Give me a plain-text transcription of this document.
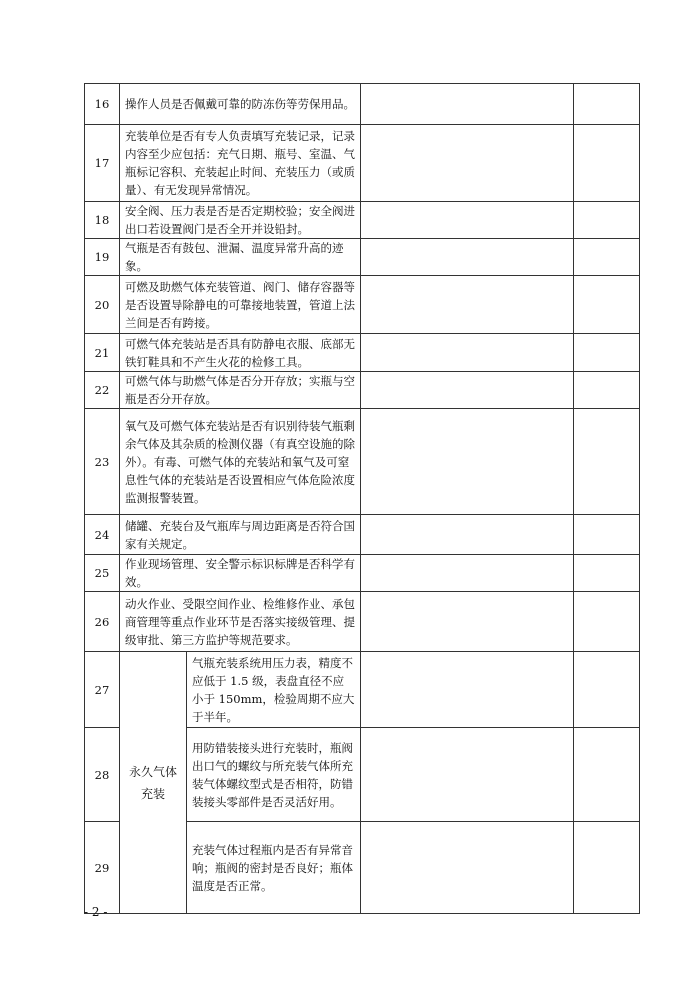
16	操作人员是否佩戴可靠的防冻伤等劳保用品。			
17	充装单位是否有专人负责填写充装记录，记录内容至少应包括：充气日期、瓶号、室温、气瓶标记容积、充装起止时间、充装压力（或质量）、有无发现异常情况。			
18	安全阀、压力表是否是否定期校验；安全阀进出口若设置阀门是否全开并设铅封。			
19	气瓶是否有鼓包、泄漏、温度异常升高的迹象。			
20	可燃及助燃气体充装管道、阀门、储存容器等是否设置导除静电的可靠接地装置，管道上法兰间是否有跨接。			
21	可燃气体充装站是否具有防静电衣服、底部无铁钉鞋具和不产生火花的检修工具。			
22	可燃气体与助燃气体是否分开存放；实瓶与空瓶是否分开存放。			
23	氧气及可燃气体充装站是否有识别待装气瓶剩余气体及其杂质的检测仪器（有真空设施的除外）。有毒、可燃气体的充装站和氧气及可窒息性气体的充装站是否设置相应气体危险浓度监测报警装置。			
24	储罐、充装台及气瓶库与周边距离是否符合国家有关规定。			
25	作业现场管理、安全警示标识标牌是否科学有效。			
26	动火作业、受限空间作业、检维修作业、承包商管理等重点作业环节是否落实接级管理、提级审批、第三方监护等规范要求。			
27	永久气体充装	气瓶充装系统用压力表，精度不应低于 1.5 级，表盘直径不应小于 150mm，检验周期不应大于半年。		
28		用防错装接头进行充装时，瓶阀出口气的螺纹与所充装气体所充装气体螺纹型式是否相符，防错装接头零部件是否灵活好用。		
29		充装气体过程瓶内是否有异常音响；瓶阀的密封是否良好；瓶体温度是否正常。		
- 2 -
